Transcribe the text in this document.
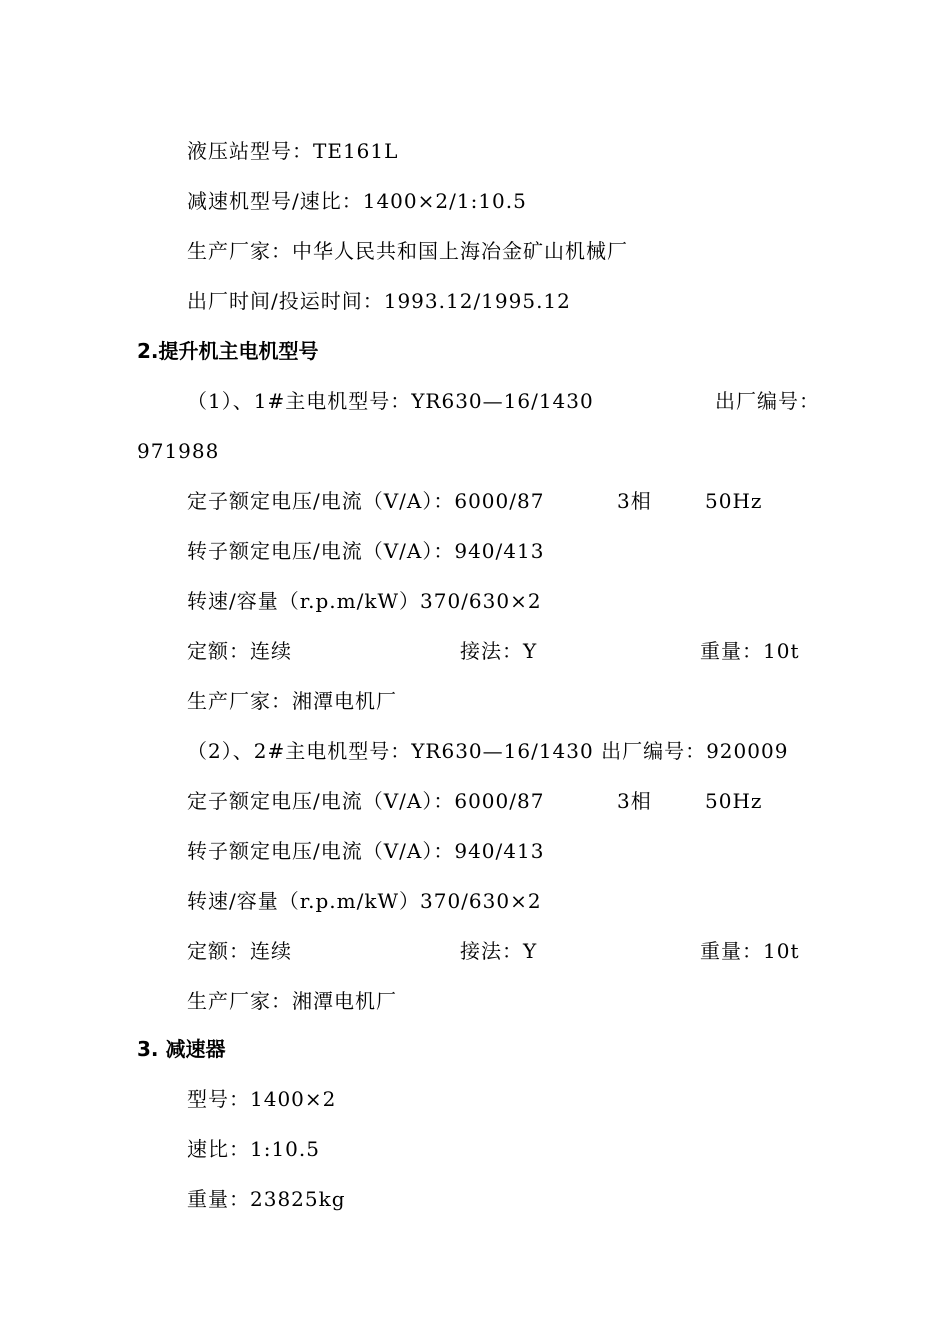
液压站型号：TE161L
减速机型号/速比：1400×2/1:10.5
生产厂家：中华人民共和国上海冶金矿山机械厂
出厂时间/投运时间：1993.12/1995.12
2.提升机主电机型号
（1）、1#主电机型号：YR630—16/1430	出厂编号：
971988
定子额定电压/电流（V/A）：6000/87	3相	50Hz
转子额定电压/电流（V/A）：940/413
转速/容量（r.p.m/kW）370/630×2
定额：连续	接法：Y	重量：10t
生产厂家：湘潭电机厂
（2）、2#主电机型号：YR630—16/1430 出厂编号：920009
定子额定电压/电流（V/A）：6000/87	3相	50Hz
转子额定电压/电流（V/A）：940/413
转速/容量（r.p.m/kW）370/630×2
定额：连续	接法：Y	重量：10t
生产厂家：湘潭电机厂
3. 减速器
型号：1400×2
速比：1:10.5
重量：23825kg
